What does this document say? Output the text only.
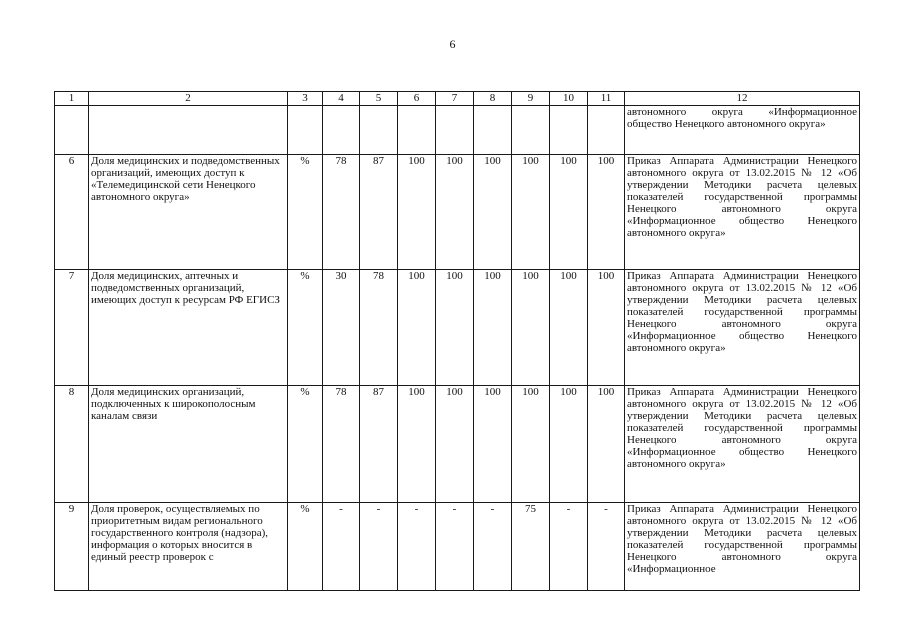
6
1	2	3	4	5	6	7	8	9	10	11	12
											автономного округа «Информационное общество Ненецкого автономного округа»
6	Доля медицинских и подведомственных организаций, имеющих доступ к «Телемедицинской сети Ненецкого автономного округа»	%	78	87	100	100	100	100	100	100	Приказ Аппарата Администрации Ненецкого автономного округа от 13.02.2015 № 12 «Об утверждении Методики расчета целевых показателей государственной программы Ненецкого автономного округа «Информационное общество Ненецкого автономного округа»
7	Доля медицинских, аптечных и подведомственных организаций, имеющих доступ к ресурсам РФ ЕГИСЗ	%	30	78	100	100	100	100	100	100	Приказ Аппарата Администрации Ненецкого автономного округа от 13.02.2015 № 12 «Об утверждении Методики расчета целевых показателей государственной программы Ненецкого автономного округа «Информационное общество Ненецкого автономного округа»
8	Доля медицинских организаций, подключенных к широкополосным каналам связи	%	78	87	100	100	100	100	100	100	Приказ Аппарата Администрации Ненецкого автономного округа от 13.02.2015 № 12 «Об утверждении Методики расчета целевых показателей государственной программы Ненецкого автономного округа «Информационное общество Ненецкого автономного округа»
9	Доля проверок, осуществляемых по приоритетным видам регионального государственного контроля (надзора), информация о которых вносится в единый реестр проверок с	%	-	-	-	-	-	75	-	-	Приказ Аппарата Администрации Ненецкого автономного округа от 13.02.2015 № 12 «Об утверждении Методики расчета целевых показателей государственной программы Ненецкого автономного округа «Информационное
